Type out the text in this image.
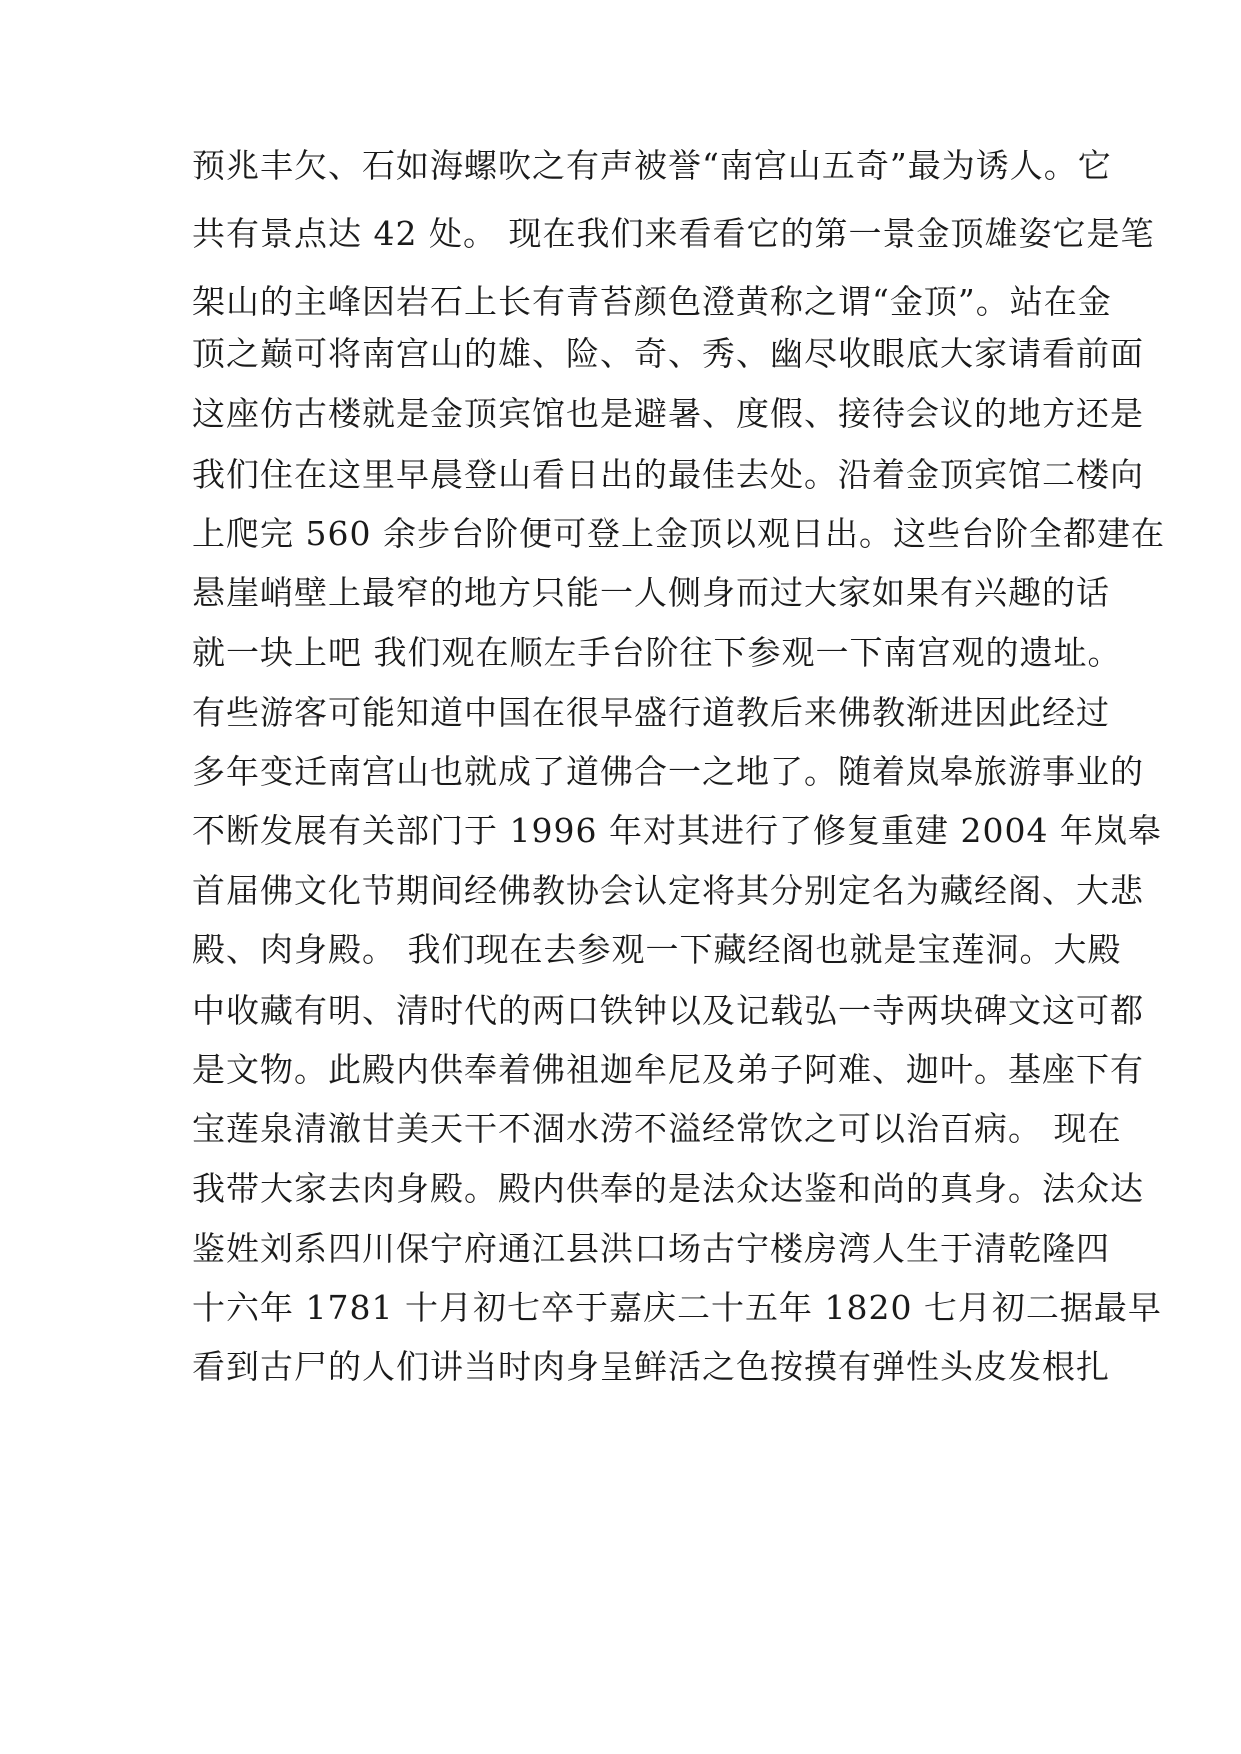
预兆丰欠、石如海螺吹之有声被誉“南宫山五奇”最为诱人。它
共有景点达 42 处。 现在我们来看看它的第一景金顶雄姿它是笔
架山的主峰因岩石上长有青苔颜色澄黄称之谓“金顶”。站在金
顶之巅可将南宫山的雄、险、奇、秀、幽尽收眼底大家请看前面
这座仿古楼就是金顶宾馆也是避暑、度假、接待会议的地方还是
我们住在这里早晨登山看日出的最佳去处。沿着金顶宾馆二楼向
上爬完 560 余步台阶便可登上金顶以观日出。这些台阶全都建在
悬崖峭壁上最窄的地方只能一人侧身而过大家如果有兴趣的话
就一块上吧 我们观在顺左手台阶往下参观一下南宫观的遗址。
有些游客可能知道中国在很早盛行道教后来佛教渐进因此经过
多年变迁南宫山也就成了道佛合一之地了。随着岚皋旅游事业的
不断发展有关部门于 1996 年对其进行了修复重建 2004 年岚皋
首届佛文化节期间经佛教协会认定将其分别定名为藏经阁、大悲
殿、肉身殿。 我们现在去参观一下藏经阁也就是宝莲洞。大殿
中收藏有明、清时代的两口铁钟以及记载弘一寺两块碑文这可都
是文物。此殿内供奉着佛祖迦牟尼及弟子阿难、迦叶。基座下有
宝莲泉清澈甘美天干不涸水涝不溢经常饮之可以治百病。 现在
我带大家去肉身殿。殿内供奉的是法众达鉴和尚的真身。法众达
鉴姓刘系四川保宁府通江县洪口场古宁楼房湾人生于清乾隆四
十六年 1781 十月初七卒于嘉庆二十五年 1820 七月初二据最早
看到古尸的人们讲当时肉身呈鲜活之色按摸有弹性头皮发根扎
